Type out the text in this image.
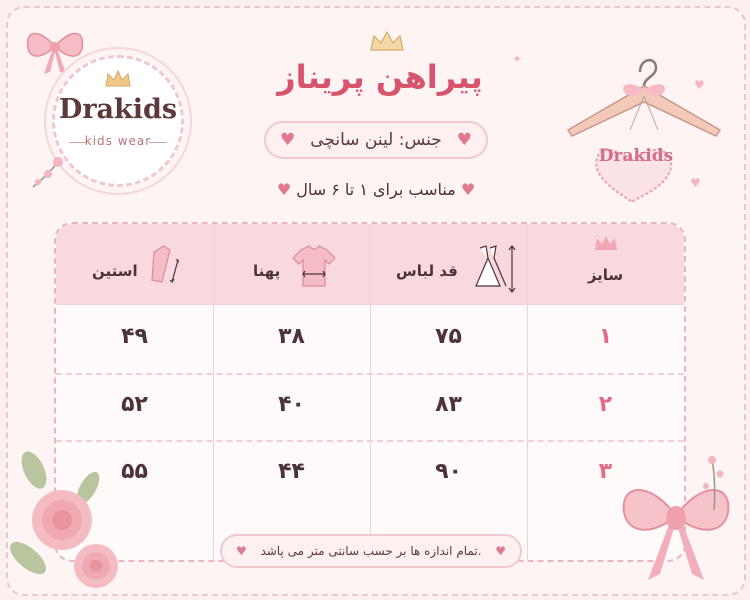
Drakids
kids wear
پیراهن پریناز
♥ جنس: لینن سانچی ♥
♥ مناسب برای ۱ تا ۶ سال ♥
Drakids
✦
♥
♥
سایز
قد لباس
پهنا
استین
۱
۷۵
۳۸
۴۹
۲
۸۳
۴۰
۵۲
۳
۹۰
۴۴
۵۵
♥ تمام اندازه ها بر حسب سانتی متر می پاشد. ♥
